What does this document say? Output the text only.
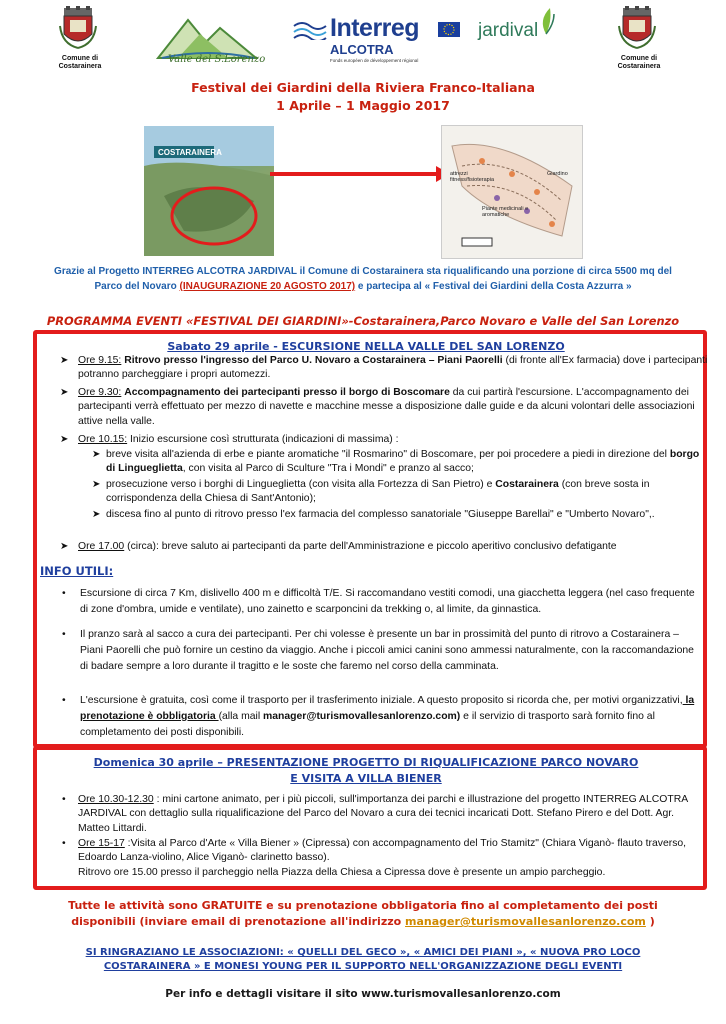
Comune di
Costarainera
Valle del S.Lorenzo
Interreg
ALCOTRA
Fonds européen de développement régional
jardival
Comune di
Costarainera
Festival dei Giardini della Riviera Franco-Italiana
1 Aprile – 1 Maggio 2017
COSTARAINERA
attrezzi fitness/fisioterapia
Piante medicinali e aromatiche
Giardino
Grazie al Progetto INTERREG ALCOTRA JARDIVAL il Comune di Costarainera sta riqualificando una porzione di circa 5500 mq del
Parco del Novaro (INAUGURAZIONE 20 AGOSTO 2017) e partecipa al « Festival dei Giardini della Costa Azzurra »
PROGRAMMA EVENTI «FESTIVAL DEI GIARDINI»-Costarainera,Parco Novaro e Valle del San Lorenzo
Sabato 29 aprile - ESCURSIONE NELLA VALLE DEL SAN LORENZO
➤ Ore 9.15: Ritrovo presso l'ingresso del Parco U. Novaro a Costarainera – Piani Paorelli (di fronte all'Ex farmacia) dove i partecipanti potranno parcheggiare i propri automezzi.
➤ Ore 9.30: Accompagnamento dei partecipanti presso il borgo di Boscomare da cui partirà l'escursione. L'accompagnamento dei partecipanti verrà effettuato per mezzo di navette e macchine messe a disposizione dalle guide e da alcuni volontari delle associazioni attive nella valle.
➤ Ore 10.15: Inizio escursione così strutturata (indicazioni di massima) :
➤ breve visita all'azienda di erbe e piante aromatiche "il Rosmarino" di Boscomare, per poi procedere a piedi in direzione del borgo di Lingueglietta, con visita al Parco di Sculture "Tra i Mondi" e pranzo al sacco;
➤ prosecuzione verso i borghi di Lingueglietta (con visita alla Fortezza di San Pietro) e Costarainera (con breve sosta in corrispondenza della Chiesa di Sant'Antonio);
➤ discesa fino al punto di ritrovo presso l'ex farmacia del complesso sanatoriale "Giuseppe Barellai" e "Umberto Novaro",.
➤ Ore 17.00 (circa): breve saluto ai partecipanti da parte dell'Amministrazione e piccolo aperitivo conclusivo defatigante
INFO UTILI:
• Escursione di circa 7 Km, dislivello 400 m e difficoltà T/E. Si raccomandano vestiti comodi, una giacchetta leggera (nel caso frequente di zone d'ombra, umide e ventilate), uno zainetto e scarponcini da trekking o, al limite, da ginnastica.
• Il pranzo sarà al sacco a cura dei partecipanti. Per chi volesse è presente un bar in prossimità del punto di ritrovo a Costarainera – Piani Paorelli che può fornire un cestino da viaggio. Anche i piccoli amici canini sono ammessi naturalmente, con la raccomandazione di badare sempre a loro durante il tragitto e le soste che faremo nel corso della camminata.
• L'escursione è gratuita, così come il trasporto per il trasferimento iniziale. A questo proposito si ricorda che, per motivi organizzativi, la prenotazione è obbligatoria (alla mail manager@turismovallesanlorenzo.com) e il servizio di trasporto sarà fornito fino al completamento dei posti disponibili.
Domenica 30 aprile – PRESENTAZIONE PROGETTO DI RIQUALIFICAZIONE PARCO NOVARO
E VISITA A VILLA BIENER
• Ore 10.30-12.30 : mini cartone animato, per i più piccoli, sull'importanza dei parchi e illustrazione del progetto INTERREG ALCOTRA JARDIVAL con dettaglio sulla riqualificazione del Parco del Novaro a cura dei tecnici incaricati Dott. Stefano Pirero e del Dott. Agr. Matteo Littardi.
• Ore 15-17 :Visita al Parco d'Arte « Villa Biener » (Cipressa) con accompagnamento del Trio Stamitz" (Chiara Viganò- flauto traverso, Edoardo Lanza-violino, Alice Viganò- clarinetto basso).
Ritrovo ore 15.00 presso il parcheggio nella Piazza della Chiesa a Cipressa dove è presente un ampio parcheggio.
Tutte le attività sono GRATUITE e su prenotazione obbligatoria fino al completamento dei posti
disponibili (inviare email di prenotazione all'indirizzo manager@turismovallesanlorenzo.com )
SI RINGRAZIANO LE ASSOCIAZIONI: « QUELLI DEL GECO », « AMICI DEI PIANI », « NUOVA PRO LOCO
COSTARAINERA » E MONESI YOUNG PER IL SUPPORTO NELL'ORGANIZZAZIONE DEGLI EVENTI
Per info e dettagli visitare il sito www.turismovallesanlorenzo.com
